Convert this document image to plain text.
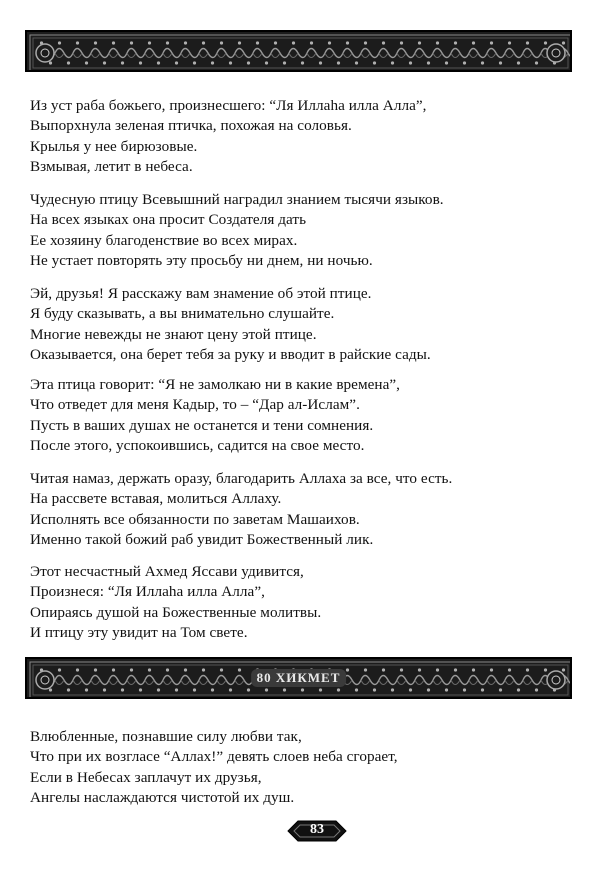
Из уст раба божьего, произнесшего: “Ля Иллаhа илла Алла”,
Выпорхнула зеленая птичка, похожая на соловья.
Крылья у нее бирюзовые.
Взмывая, летит в небеса.
Чудесную птицу Всевышний наградил знанием тысячи языков.
На всех языках она просит Создателя дать
Ее хозяину благоденствие во всех мирах.
Не устает повторять эту просьбу ни днем, ни ночью.
Эй, друзья! Я расскажу вам знамение об этой птице.
Я буду сказывать, а вы внимательно слушайте.
Многие невежды не знают цену этой птице.
Оказывается, она берет тебя за руку и вводит в райские сады.
Эта птица говорит: “Я не замолкаю ни в какие времена”,
Что отведет для меня Кадыр, то – “Дар ал-Ислам”.
Пусть в ваших душах не останется и тени сомнения.
После этого, успокоившись, садится на свое место.
Читая намаз, держать оразу, благодарить Аллаха за все, что есть.
На рассвете вставая, молиться Аллаху.
Исполнять все обязанности по заветам Машаихов.
Именно такой божий раб увидит Божественный лик.
Этот несчастный Ахмед Яссави удивится,
Произнеся: “Ля Иллаhа илла Алла”,
Опираясь душой на Божественные молитвы.
И птицу эту увидит на Том свете.
80 ХИКМЕТ
Влюбленные, познавшие силу любви так,
Что при их возгласе “Аллах!” девять слоев неба сгорает,
Если в Небесах заплачут их друзья,
Ангелы наслаждаются чистотой их душ.
83
